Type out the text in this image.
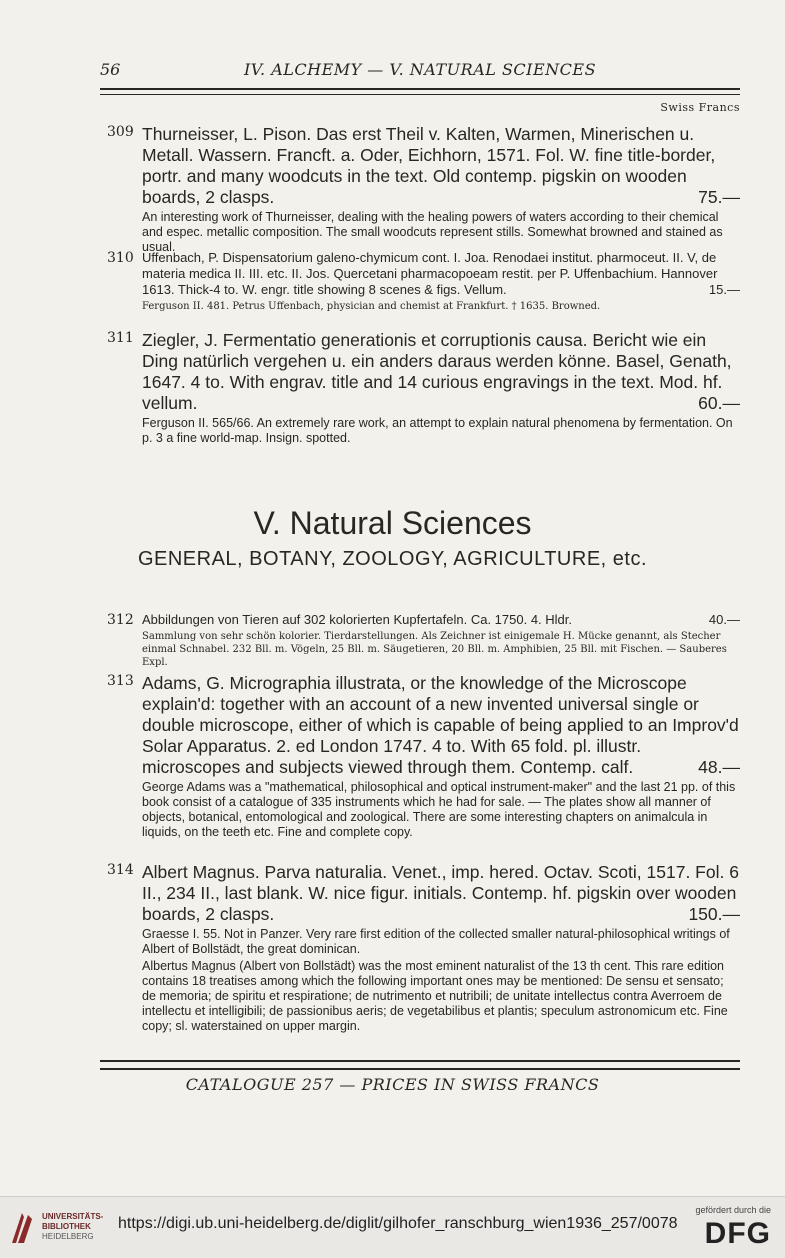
56	IV. ALCHEMY — V. NATURAL SCIENCES
Swiss Francs
309 Thurneisser, L. Pison. Das erst Theil v. Kalten, Warmen, Minerischen u. Metall. Wassern. Francft. a. Oder, Eichhorn, 1571. Fol. W. fine title-border, portr. and many woodcuts in the text. Old contemp. pigskin on wooden boards, 2 clasps.	75.—
An interesting work of Thurneisser, dealing with the healing powers of waters according to their chemical and espec. metallic composition. The small woodcuts represent stills. Somewhat browned and stained as usual.
310 Uffenbach, P. Dispensatorium galeno-chymicum cont. I. Joa. Renodaei institut. pharmoceut. II. V, de materia medica II. III. etc. II. Jos. Quercetani pharmacopoeam restit. per P. Uffenbachium. Hannover 1613. Thick-4 to. W. engr. title showing 8 scenes & figs. Vellum.	15.—
Ferguson II. 481. Petrus Uffenbach, physician and chemist at Frankfurt. † 1635. Browned.
311 Ziegler, J. Fermentatio generationis et corruptionis causa. Bericht wie ein Ding natürlich vergehen u. ein anders daraus werden könne. Basel, Genath, 1647. 4 to. With engrav. title and 14 curious engravings in the text. Mod. hf. vellum.	60.—
Ferguson II. 565/66. An extremely rare work, an attempt to explain natural phenomena by fermentation. On p. 3 a fine world-map. Insign. spotted.
V. Natural Sciences
GENERAL, BOTANY, ZOOLOGY, AGRICULTURE, etc.
312 Abbildungen von Tieren auf 302 kolorierten Kupfertafeln. Ca. 1750. 4. Hldr.	40.—
Sammlung von sehr schön kolorier. Tierdarstellungen. Als Zeichner ist einigemale H. Mücke genannt, als Stecher einmal Schnabel. 232 Bll. m. Vögeln, 25 Bll. m. Säugetieren, 20 Bll. m. Amphibien, 25 Bll. mit Fischen. — Sauberes Expl.
313 Adams, G. Micrographia illustrata, or the knowledge of the Microscope explain'd: together with an account of a new invented universal single or double microscope, either of which is capable of being applied to an Improv'd Solar Apparatus. 2. ed London 1747. 4 to. With 65 fold. pl. illustr. microscopes and subjects viewed through them. Contemp. calf.	48.—
George Adams was a "mathematical, philosophical and optical instrument-maker" and the last 21 pp. of this book consist of a catalogue of 335 instruments which he had for sale. — The plates show all manner of objects, botanical, entomological and zoological. There are some interesting chapters on animalcula in liquids, on the teeth etc. Fine and complete copy.
314 Albert Magnus. Parva naturalia. Venet., imp. hered. Octav. Scoti, 1517. Fol. 6 II., 234 II., last blank. W. nice figur. initials. Contemp. hf. pigskin over wooden boards, 2 clasps.	150.—
Graesse I. 55. Not in Panzer. Very rare first edition of the collected smaller natural-philosophical writings of Albert of Bollstädt, the great dominican.
Albertus Magnus (Albert von Bollstädt) was the most eminent naturalist of the 13 th cent. This rare edition contains 18 treatises among which the following important ones may be mentioned: De sensu et sensato; de memoria; de spiritu et respiratione; de nutrimento et nutribili; de unitate intellectus contra Averroem de intellectu et intelligibili; de passionibus aeris; de vegetabilibus et plantis; speculum astronomicum etc. Fine copy; sl. waterstained on upper margin.
CATALOGUE 257 — PRICES IN SWISS FRANCS
UNIVERSITÄTS-
BIBLIOTHEK
HEIDELBERG
https://digi.ub.uni-heidelberg.de/diglit/gilhofer_ranschburg_wien1936_257/0078
gefördert durch die
DFG
